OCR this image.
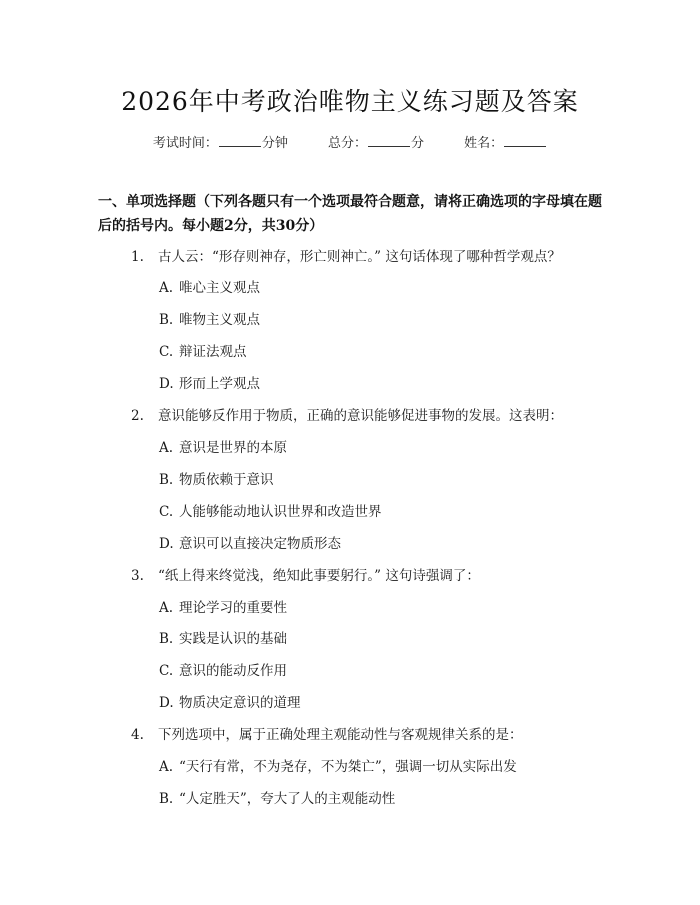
2026年中考政治唯物主义练习题及答案
考试时间：	分钟	总分：	分	姓名：
一、单项选择题（下列各题只有一个选项最符合题意，请将正确选项的字母填在题后的括号内。每小题2分，共30分）
1. 古人云：“形存则神存，形亡则神亡。” 这句话体现了哪种哲学观点？
A. 唯心主义观点
B. 唯物主义观点
C. 辩证法观点
D. 形而上学观点
2. 意识能够反作用于物质，正确的意识能够促进事物的发展。这表明：
A. 意识是世界的本原
B. 物质依赖于意识
C. 人能够能动地认识世界和改造世界
D. 意识可以直接决定物质形态
3. “纸上得来终觉浅，绝知此事要躬行。” 这句诗强调了：
A. 理论学习的重要性
B. 实践是认识的基础
C. 意识的能动反作用
D. 物质决定意识的道理
4. 下列选项中，属于正确处理主观能动性与客观规律关系的是：
A. “天行有常，不为尧存，不为桀亡”，强调一切从实际出发
B. “人定胜天”，夸大了人的主观能动性
